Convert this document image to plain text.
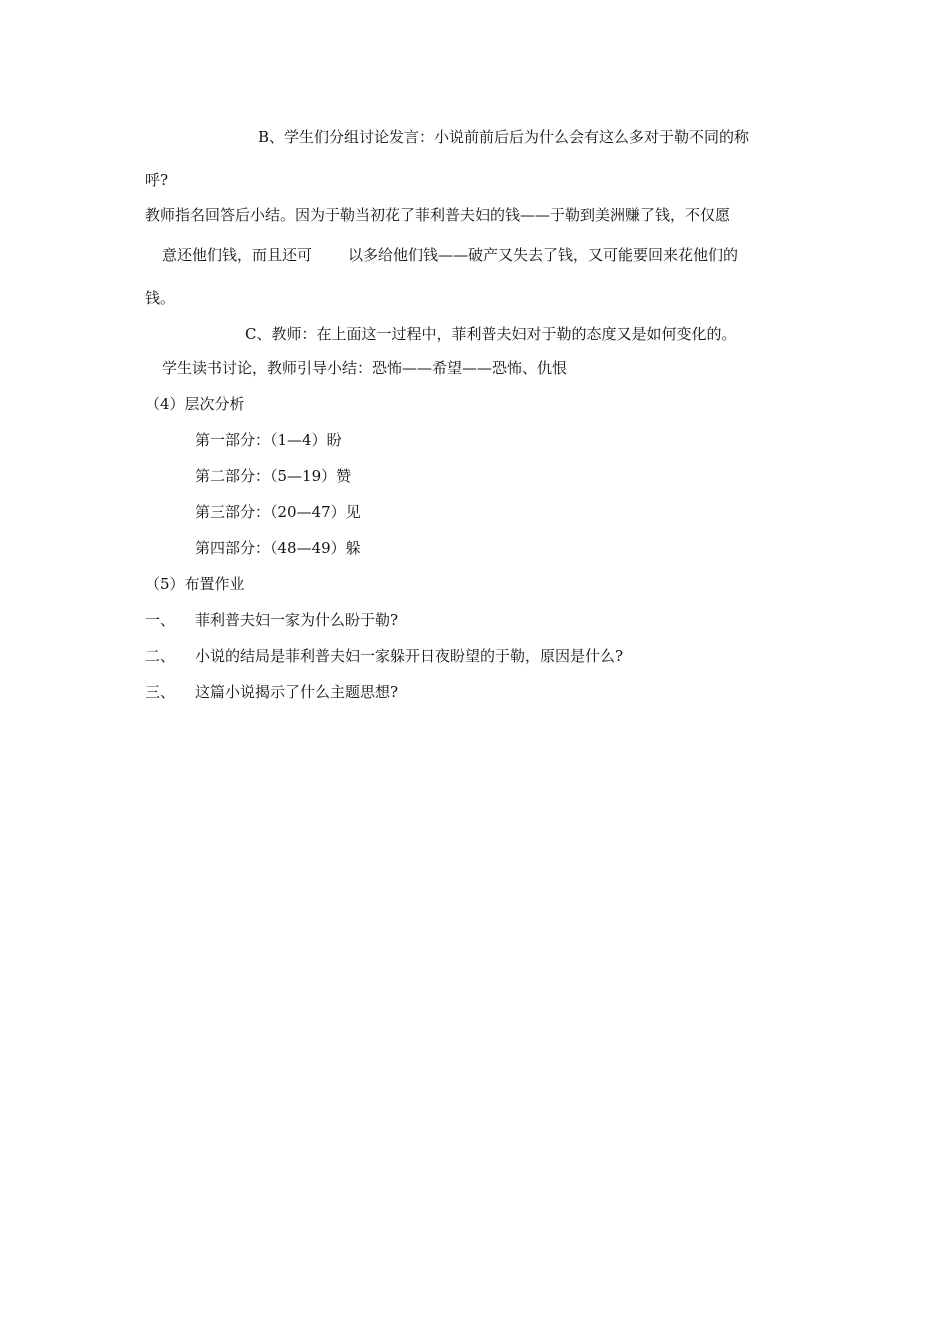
B、学生们分组讨论发言：小说前前后后为什么会有这么多对于勒不同的称
呼?
教师指名回答后小结。因为于勒当初花了菲利普夫妇的钱——于勒到美洲赚了钱，不仅愿
意还他们钱，而且还可 以多给他们钱——破产又失去了钱，又可能要回来花他们的
钱。
C、教师：在上面这一过程中，菲利普夫妇对于勒的态度又是如何变化的。
学生读书讨论，教师引导小结：恐怖——希望——恐怖、仇恨
（4）层次分析
第一部分：（1—4）盼
第二部分：（5—19）赞
第三部分：（20—47）见
第四部分：（48—49）躲
（5）布置作业
一、 菲利普夫妇一家为什么盼于勒?
二、 小说的结局是菲利普夫妇一家躲开日夜盼望的于勒，原因是什么?
三、 这篇小说揭示了什么主题思想?
